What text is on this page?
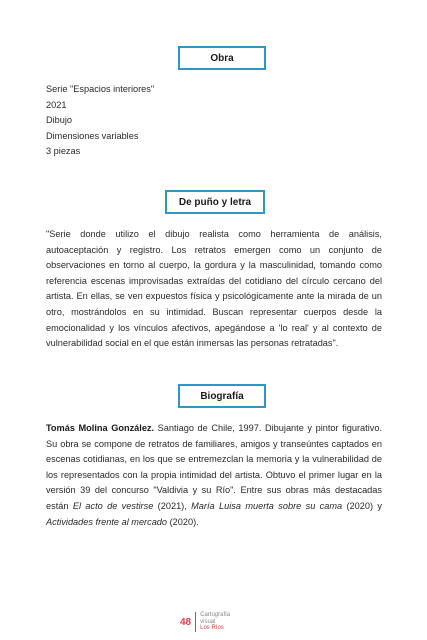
Obra
Serie "Espacios interiores"
2021
Dibujo
Dimensiones variables
3 piezas
De puño y letra
"Serie donde utilizo el dibujo realista como herramienta de análisis, autoaceptación y registro. Los retratos emergen como un conjunto de observaciones en torno al cuerpo, la gordura y la masculinidad, tomando como referencia escenas improvisadas extraídas del cotidiano del círculo cercano del artista. En ellas, se ven expuestos física y psicológicamente ante la mirada de un otro, mostrándolos en su intimidad. Buscan representar cuerpos desde la emocionalidad y los vínculos afectivos, apegándose a 'lo real' y al contexto de vulnerabilidad social en el que están inmersas las personas retratadas".
Biografía
Tomás Molina González. Santiago de Chile, 1997. Dibujante y pintor figurativo. Su obra se compone de retratos de familiares, amigos y transeúntes captados en escenas cotidianas, en los que se entremezclan la memoria y la vulnerabilidad de los representados con la propia intimidad del artista. Obtuvo el primer lugar en la versión 39 del concurso "Valdivia y su Río". Entre sus obras más destacadas están El acto de vestirse (2021), María Luisa muerta sobre su cama (2020) y Actividades frente al mercado (2020).
48
Cartografía
visual
Los Ríos
